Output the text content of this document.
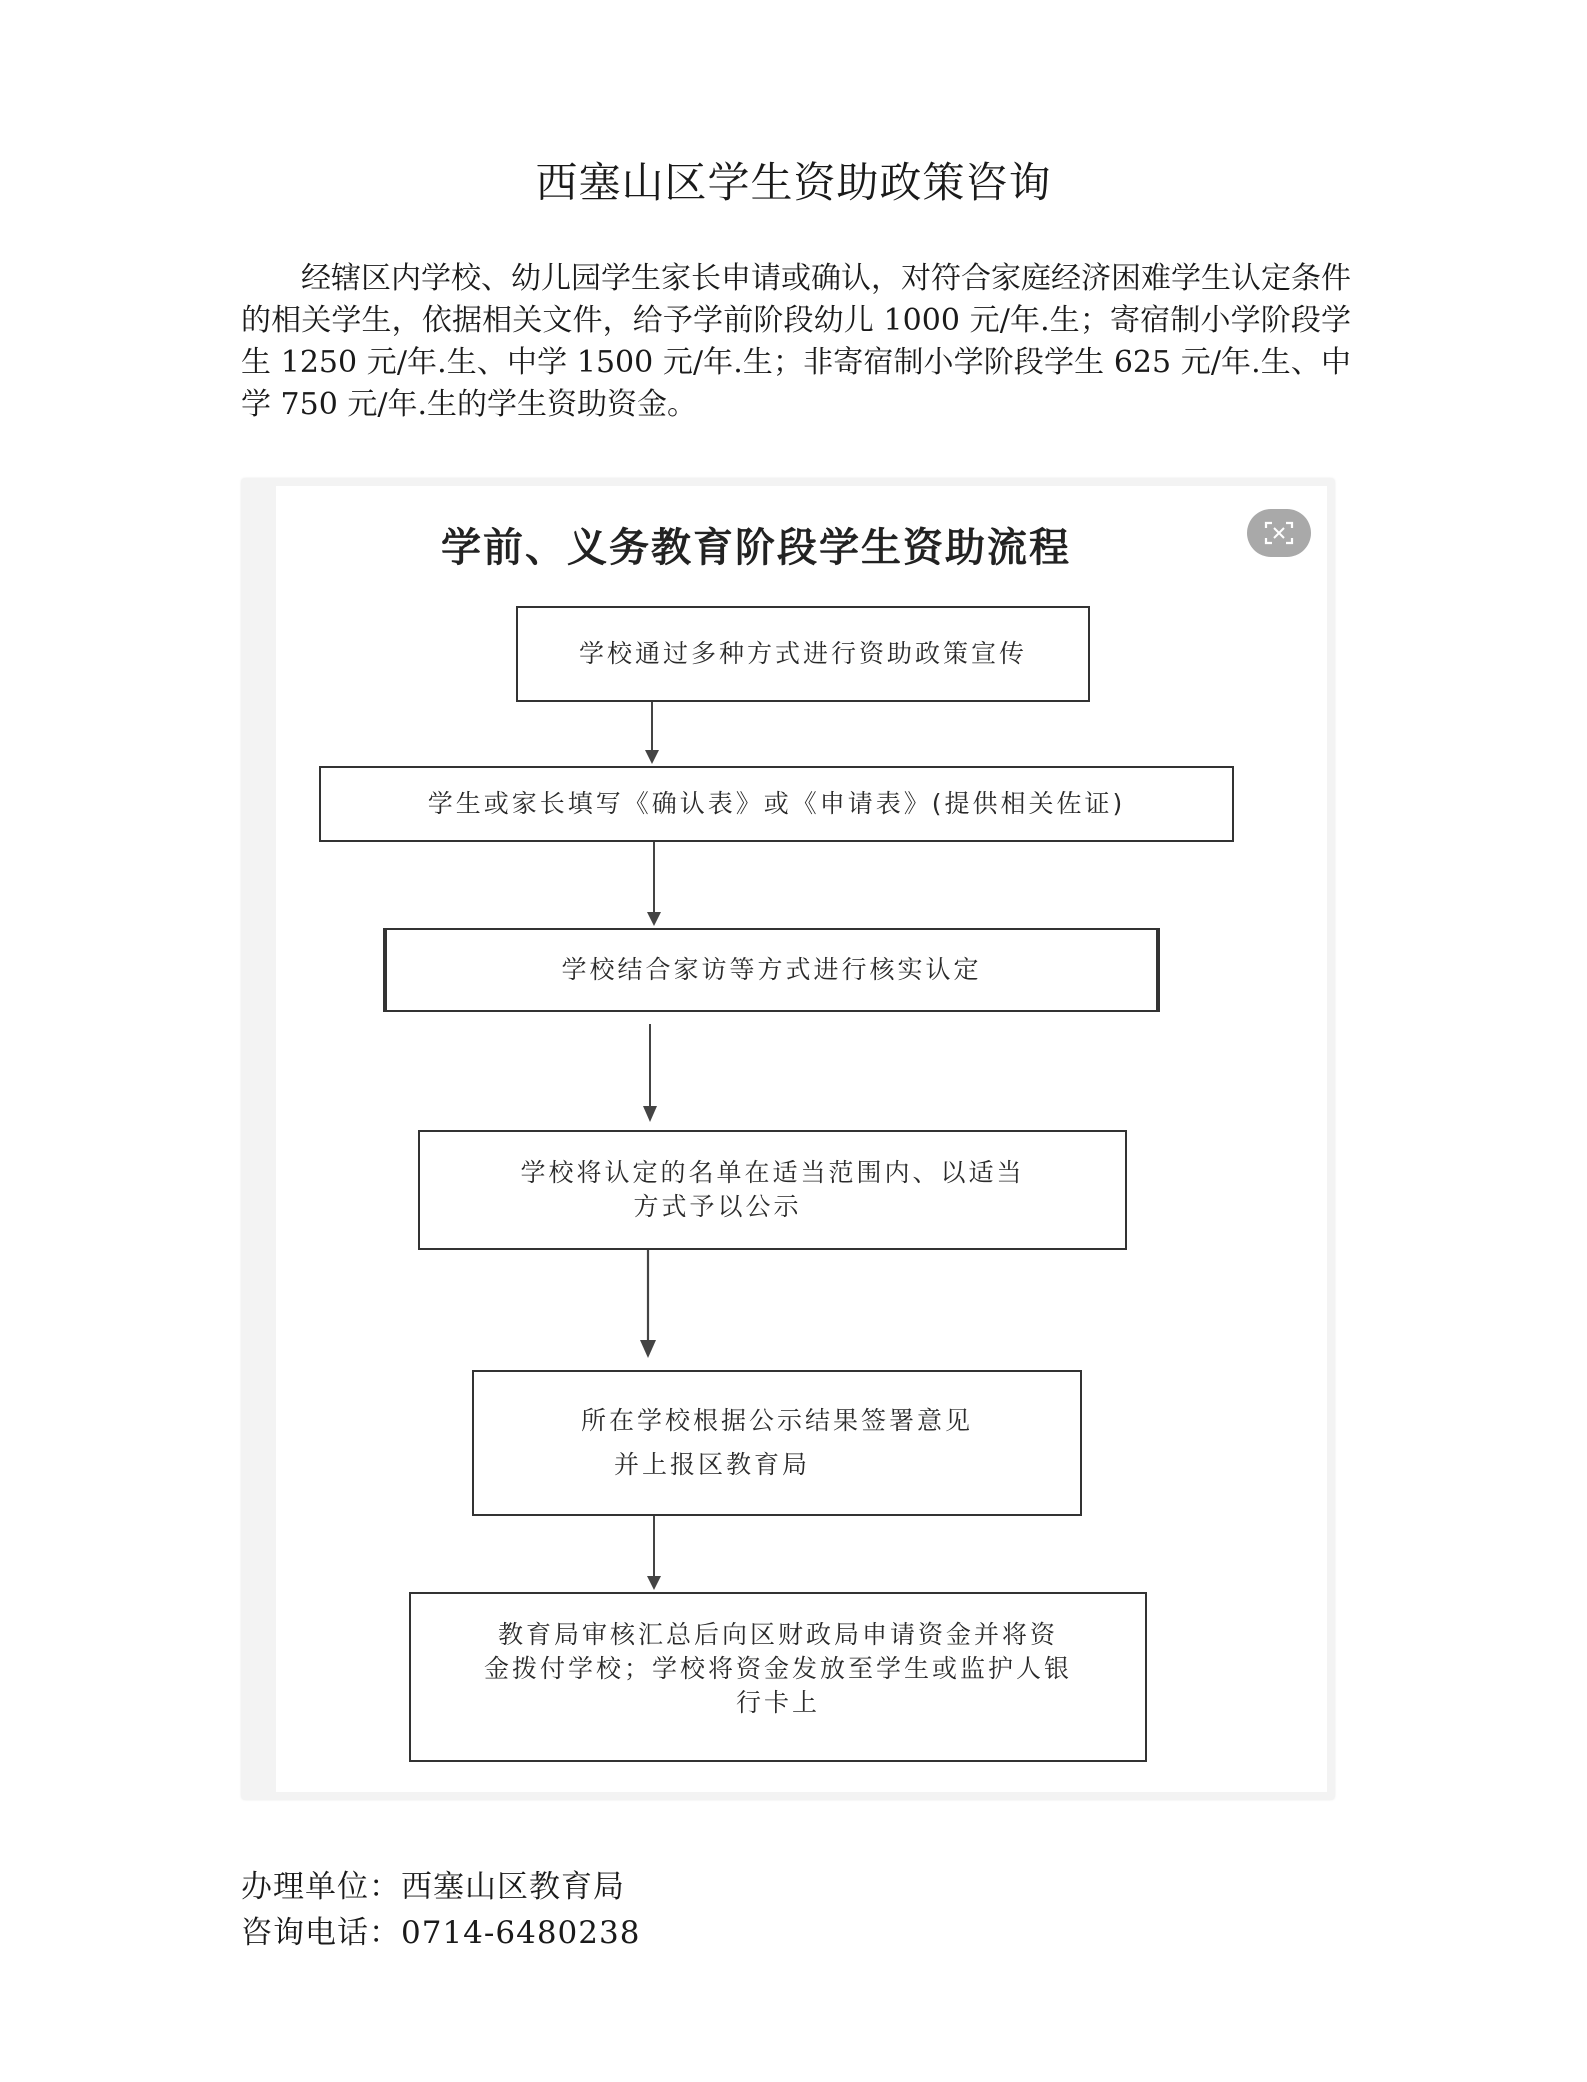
西塞山区学生资助政策咨询
经辖区内学校、幼儿园学生家长申请或确认，对符合家庭经济困难学生认定条件的相关学生，依据相关文件，给予学前阶段幼儿 1000 元/年.生；寄宿制小学阶段学生 1250 元/年.生、中学 1500 元/年.生；非寄宿制小学阶段学生 625 元/年.生、中学 750 元/年.生的学生资助资金。
学前、义务教育阶段学生资助流程
学校通过多种方式进行资助政策宣传
学生或家长填写《确认表》或《申请表》(提供相关佐证)
学校结合家访等方式进行核实认定
学校将认定的名单在适当范围内、以适当
方式予以公示
所在学校根据公示结果签署意见
并上报区教育局
教育局审核汇总后向区财政局申请资金并将资
金拨付学校；学校将资金发放至学生或监护人银
行卡上
办理单位：西塞山区教育局
咨询电话：0714-6480238
